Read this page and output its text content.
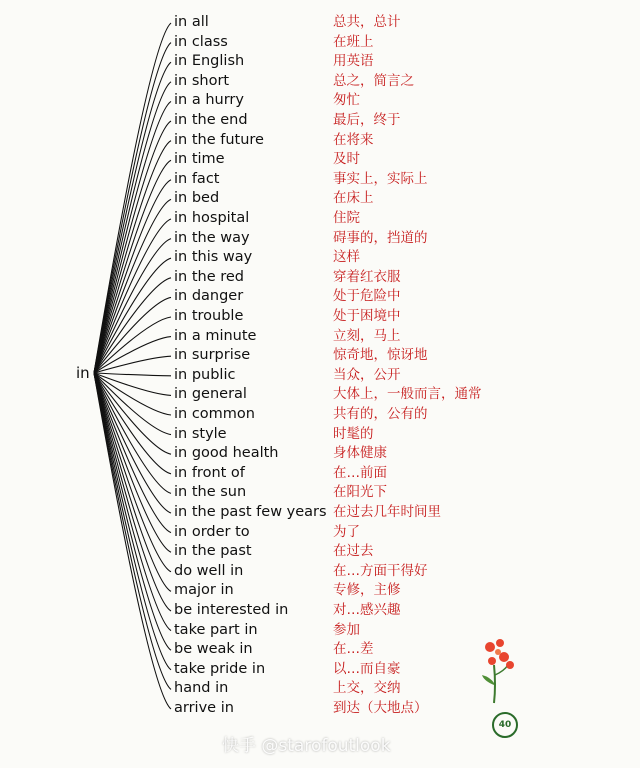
in
in all	总共，总计
in class	在班上
in English	用英语
in short	总之，简言之
in a hurry	匆忙
in the end	最后，终于
in the future	在将来
in time	及时
in fact	事实上，实际上
in bed	在床上
in hospital	住院
in the way	碍事的，挡道的
in this way	这样
in the red	穿着红衣服
in danger	处于危险中
in trouble	处于困境中
in a minute	立刻，马上
in surprise	惊奇地，惊讶地
in public	当众，公开
in general	大体上，一般而言，通常
in common	共有的，公有的
in style	时髦的
in good health	身体健康
in front of	在…前面
in the sun	在阳光下
in the past few years 在过去几年时间里
in order to	为了
in the past	在过去
do well in	在…方面干得好
major in	专修，主修
be interested in	对…感兴趣
take part in	参加
be weak in	在…差
take pride in	以…而自豪
hand in	上交，交纳
arrive in	到达（大地点）
40
快手 @starofoutlook
